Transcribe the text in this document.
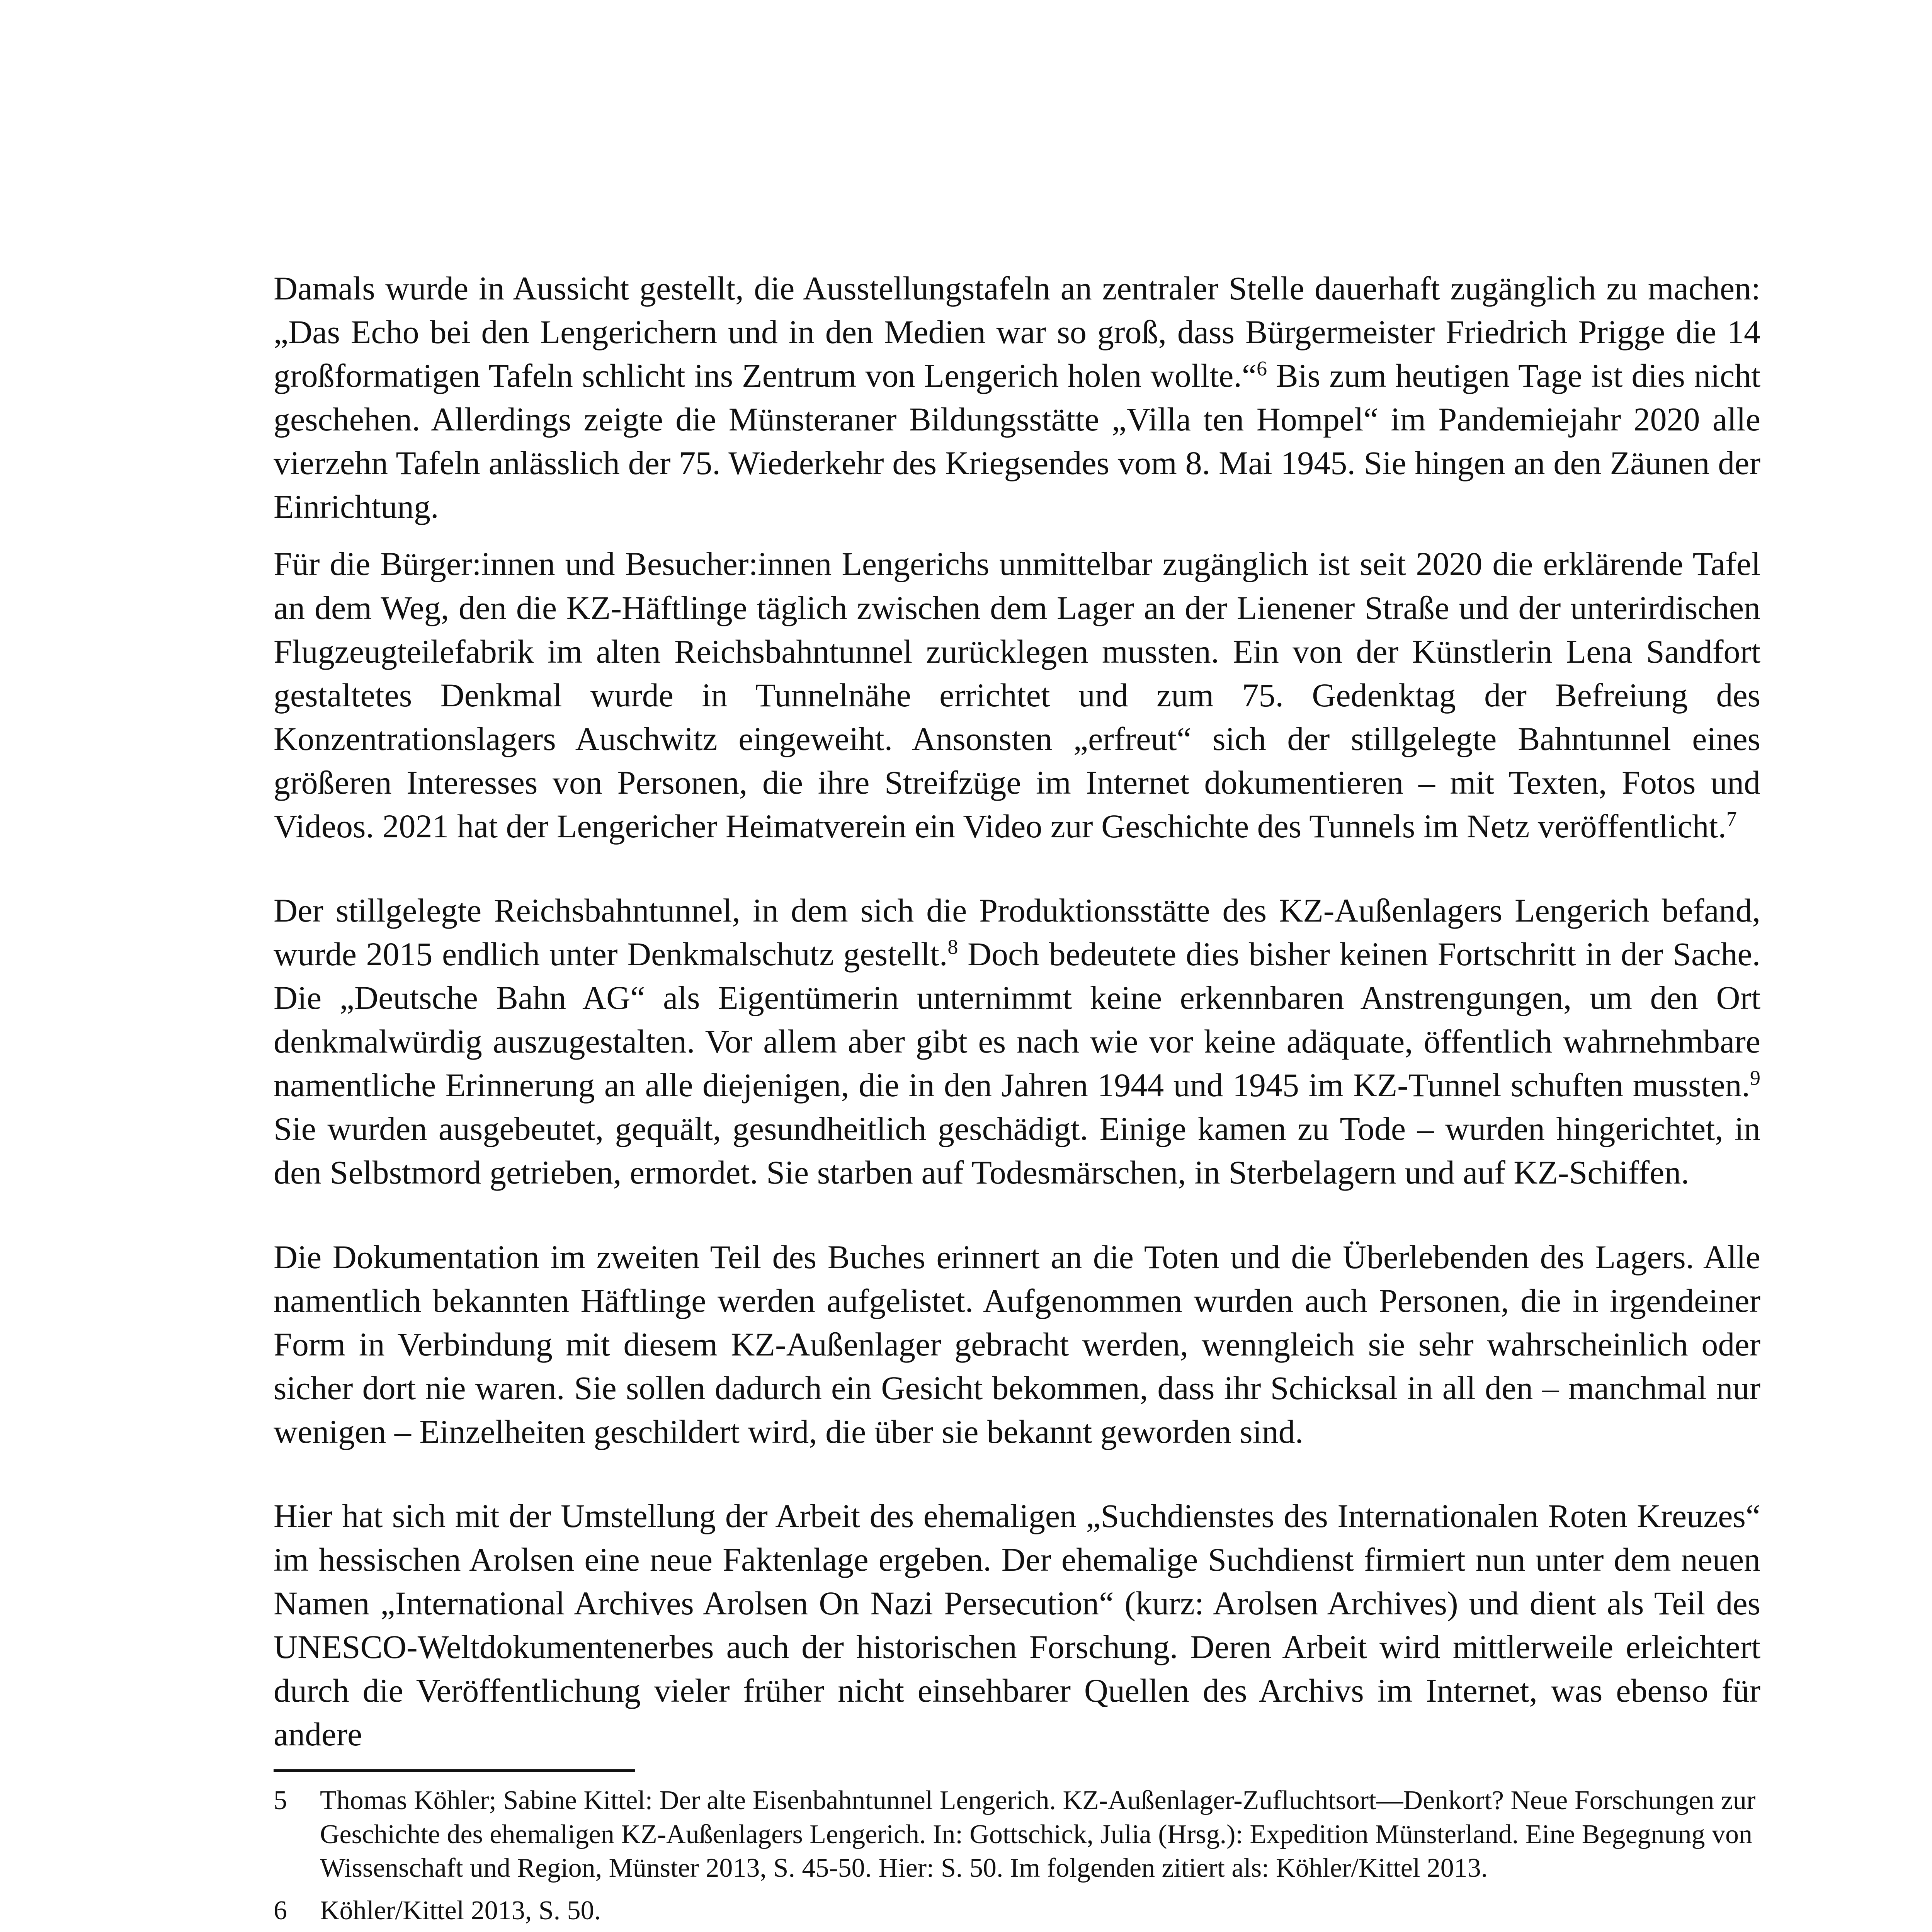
Damals wurde in Aussicht gestellt, die Ausstellungstafeln an zentraler Stelle dauerhaft zugänglich zu machen: „Das Echo bei den Lengerichern und in den Medien war so groß, dass Bürgermeister Friedrich Prigge die 14 großformatigen Tafeln schlicht ins Zentrum von Lengerich holen wollte.“$^6$ Bis zum heutigen Tage ist dies nicht geschehen. Allerdings zeigte die Münsteraner Bildungsstätte „Villa ten Hompel“ im Pandemiejahr 2020 alle vierzehn Tafeln anlässlich der 75. Wiederkehr des Kriegsendes vom 8. Mai 1945. Sie hingen an den Zäunen der Einrichtung.

Für die Bürger:innen und Besucher:innen Lengerichs unmittelbar zugänglich ist seit 2020 die erklärende Tafel an dem Weg, den die KZ-Häftlinge täglich zwischen dem Lager an der Lienener Straße und der unterirdischen Flugzeugteilefabrik im alten Reichsbahntunnel zurücklegen mussten. Ein von der Künstlerin Lena Sandfort gestaltetes Denkmal wurde in Tunnelnähe errichtet und zum 75. Gedenktag der Befreiung des Konzentrationslagers Auschwitz eingeweiht. Ansonsten „erfreut“ sich der stillgelegte Bahntunnel eines größeren Interesses von Personen, die ihre Streifzüge im Internet dokumentieren – mit Texten, Fotos und Videos. 2021 hat der Lengericher Heimatverein ein Video zur Geschichte des Tunnels im Netz veröffentlicht.$^7$

Der stillgelegte Reichsbahntunnel, in dem sich die Produktionsstätte des KZ-Außenlagers Lengerich befand, wurde 2015 endlich unter Denkmalschutz gestellt.$^8$ Doch bedeutete dies bisher keinen Fortschritt in der Sache. Die „Deutsche Bahn AG“ als Eigentümerin unternimmt keine erkennbaren Anstrengungen, um den Ort denkmalwürdig auszugestalten. Vor allem aber gibt es nach wie vor keine adäquate, öffentlich wahrnehmbare namentliche Erinnerung an alle diejenigen, die in den Jahren 1944 und 1945 im KZ-Tunnel schuften mussten.$^9$ Sie wurden ausgebeutet, gequält, gesundheitlich geschädigt. Einige kamen zu Tode – wurden hingerichtet, in den Selbstmord getrieben, ermordet. Sie starben auf Todesmärschen, in Sterbelagern und auf KZ-Schiffen.

Die Dokumentation im zweiten Teil des Buches erinnert an die Toten und die Überlebenden des Lagers. Alle namentlich bekannten Häftlinge werden aufgelistet. Aufgenommen wurden auch Personen, die in irgendeiner Form in Verbindung mit diesem KZ-Außenlager gebracht werden, wenngleich sie sehr wahrscheinlich oder sicher dort nie waren. Sie sollen dadurch ein Gesicht bekommen, dass ihr Schicksal in all den – manchmal nur wenigen – Einzelheiten geschildert wird, die über sie bekannt geworden sind.

Hier hat sich mit der Umstellung der Arbeit des ehemaligen „Suchdienstes des Internationalen Roten Kreuzes“ im hessischen Arolsen eine neue Faktenlage ergeben. Der ehemalige Suchdienst firmiert nun unter dem neuen Namen „International Archives Arolsen On Nazi Persecution“ (kurz: Arolsen Archives) und dient als Teil des UNESCO-Weltdokumentenerbes auch der historischen Forschung. Deren Arbeit wird mittlerweile erleichtert durch die Veröffentlichung vieler früher nicht einsehbarer Quellen des Archivs im Internet, was ebenso für andere

5	Thomas Köhler; Sabine Kittel: Der alte Eisenbahntunnel Lengerich. KZ-Außenlager-Zufluchtsort—Denkort? Neue Forschungen zur Geschichte des ehemaligen KZ-Außenlagers Lengerich. In: Gottschick, Julia (Hrsg.): Expedition Münsterland. Eine Begegnung von Wissenschaft und Region, Münster 2013, S. 45-50. Hier: S. 50. Im folgenden zitiert als: Köhler/Kittel 2013.
6	Köhler/Kittel 2013, S. 50.
